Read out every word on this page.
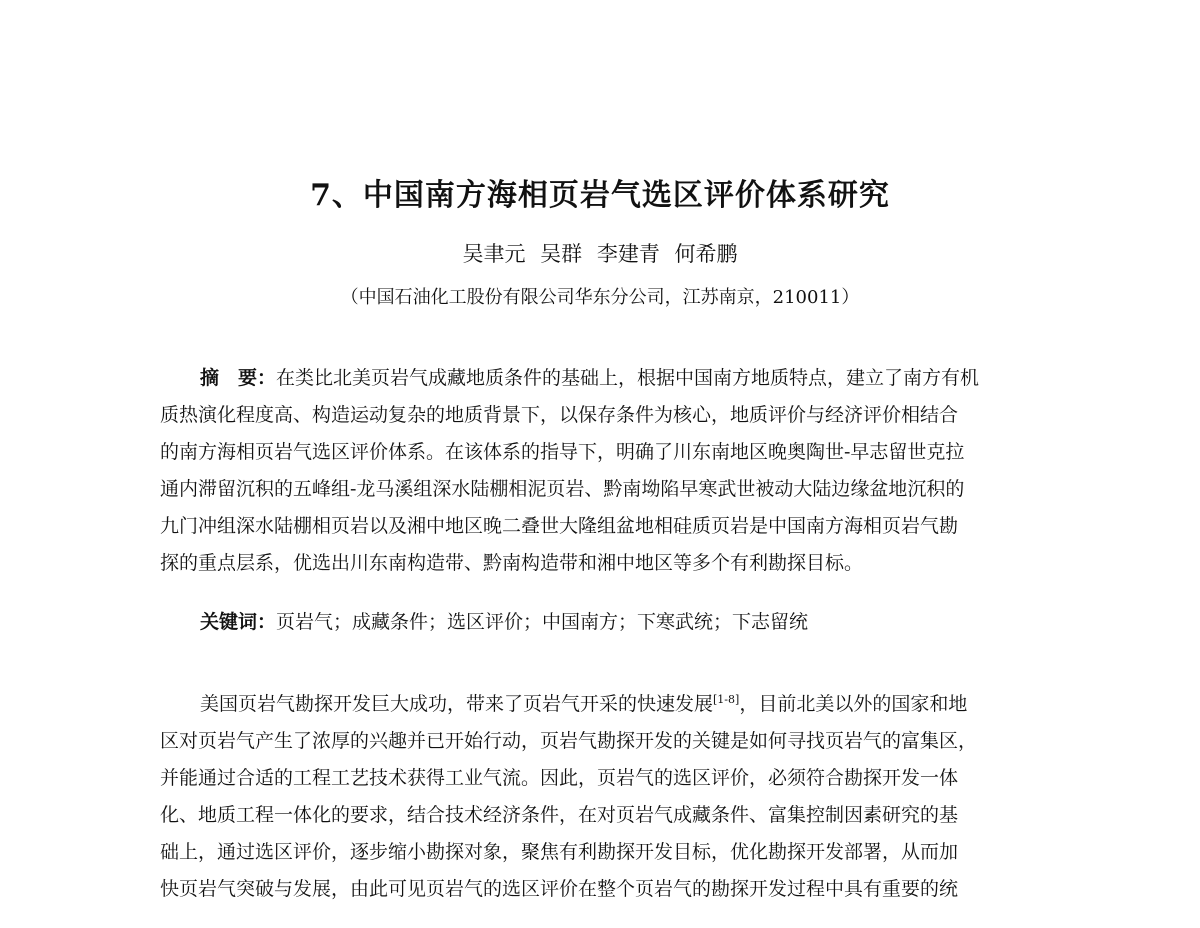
7、中国南方海相页岩气选区评价体系研究
吴聿元 吴群 李建青 何希鹏
（中国石油化工股份有限公司华东分公司，江苏南京，210011）
摘　要：在类比北美页岩气成藏地质条件的基础上，根据中国南方地质特点，建立了南方有机
质热演化程度高、构造运动复杂的地质背景下，以保存条件为核心，地质评价与经济评价相结合
的南方海相页岩气选区评价体系。在该体系的指导下，明确了川东南地区晚奥陶世-早志留世克拉
通内滞留沉积的五峰组-龙马溪组深水陆棚相泥页岩、黔南坳陷早寒武世被动大陆边缘盆地沉积的
九门冲组深水陆棚相页岩以及湘中地区晚二叠世大隆组盆地相硅质页岩是中国南方海相页岩气勘
探的重点层系，优选出川东南构造带、黔南构造带和湘中地区等多个有利勘探目标。
关键词：页岩气；成藏条件；选区评价；中国南方；下寒武统；下志留统
美国页岩气勘探开发巨大成功，带来了页岩气开采的快速发展[1-8]，目前北美以外的国家和地
区对页岩气产生了浓厚的兴趣并已开始行动，页岩气勘探开发的关键是如何寻找页岩气的富集区，
并能通过合适的工程工艺技术获得工业气流。因此，页岩气的选区评价，必须符合勘探开发一体
化、地质工程一体化的要求，结合技术经济条件，在对页岩气成藏条件、富集控制因素研究的基
础上，通过选区评价，逐步缩小勘探对象，聚焦有利勘探开发目标，优化勘探开发部署，从而加
快页岩气突破与发展，由此可见页岩气的选区评价在整个页岩气的勘探开发过程中具有重要的统
